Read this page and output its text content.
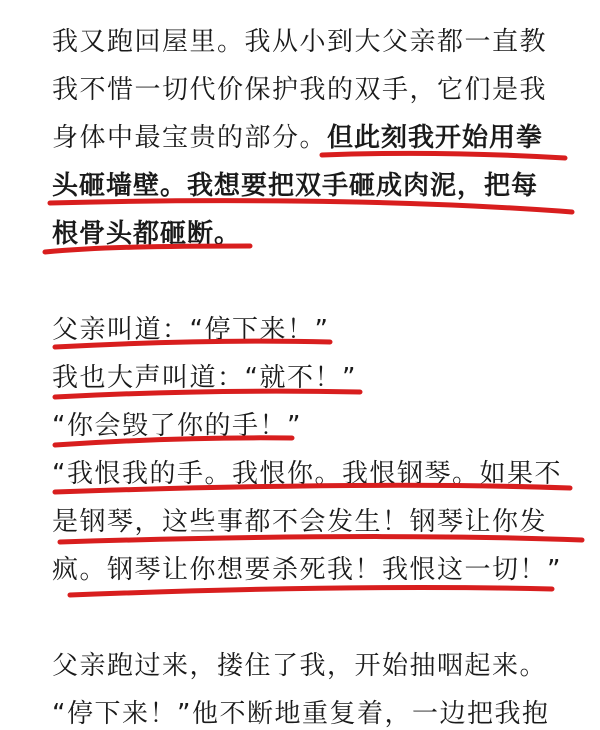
我又跑回屋里。我从小到大父亲都一直教
我不惜一切代价保护我的双手，它们是我
身体中最宝贵的部分。但此刻我开始用拳
头砸墙壁。我想要把双手砸成肉泥，把每
根骨头都砸断。
父亲叫道：“停下来！”
我也大声叫道：“就不！”
“你会毁了你的手！”
“我恨我的手。我恨你。我恨钢琴。如果不
是钢琴，这些事都不会发生！钢琴让你发
疯。钢琴让你想要杀死我！我恨这一切！”
父亲跑过来，搂住了我，开始抽咽起来。
“停下来！”他不断地重复着，一边把我抱
